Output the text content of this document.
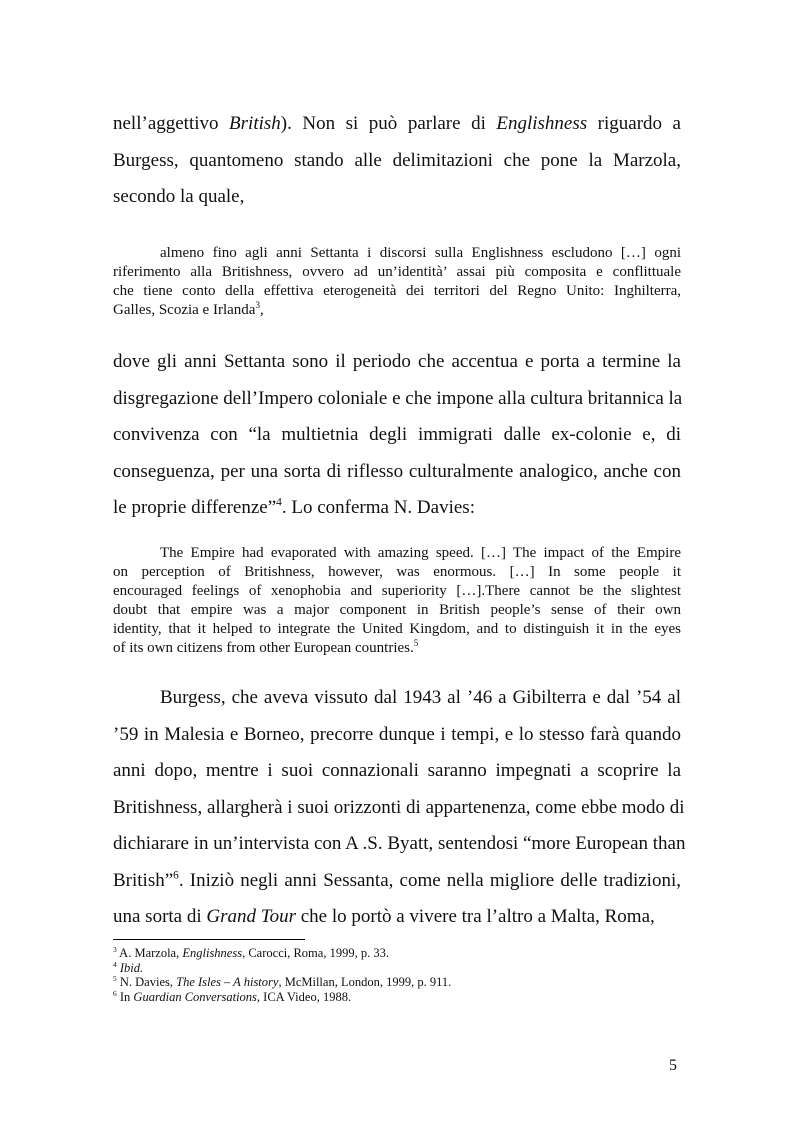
nell’aggettivo British). Non si può parlare di Englishness riguardo a
Burgess, quantomeno stando alle delimitazioni che pone la Marzola,
secondo la quale,
almeno fino agli anni Settanta i discorsi sulla Englishness escludono […] ogni
riferimento alla Britishness, ovvero ad un’identità’ assai più composita e conflittuale
che tiene conto della effettiva eterogeneità dei territori del Regno Unito: Inghilterra,
Galles, Scozia e Irlanda$^3$,
dove gli anni Settanta sono il periodo che accentua e porta a termine la
disgregazione dell’Impero coloniale e che impone alla cultura britannica la
convivenza con “la multietnia degli immigrati dalle ex-colonie e, di
conseguenza, per una sorta di riflesso culturalmente analogico, anche con
le proprie differenze”$^4$. Lo conferma N. Davies:
The Empire had evaporated with amazing speed. […] The impact of the Empire
on perception of Britishness, however, was enormous. […] In some people it
encouraged feelings of xenophobia and superiority […].There cannot be the slightest
doubt that empire was a major component in British people’s sense of their own
identity, that it helped to integrate the United Kingdom, and to distinguish it in the eyes
of its own citizens from other European countries.$^5$
Burgess, che aveva vissuto dal 1943 al ’46 a Gibilterra e dal ’54 al
’59 in Malesia e Borneo, precorre dunque i tempi, e lo stesso farà quando
anni dopo, mentre i suoi connazionali saranno impegnati a scoprire la
Britishness, allargherà i suoi orizzonti di appartenenza, come ebbe modo di
dichiarare in un’intervista con A .S. Byatt, sentendosi “more European than
British”$^6$. Iniziò negli anni Sessanta, come nella migliore delle tradizioni,
una sorta di Grand Tour che lo portò a vivere tra l’altro a Malta, Roma,
$^3$ A. Marzola, Englishness, Carocci, Roma, 1999, p. 33.
$^4$ Ibid.
$^5$ N. Davies, The Isles – A history, McMillan, London, 1999, p. 911.
$^6$ In Guardian Conversations, ICA Video, 1988.
5
